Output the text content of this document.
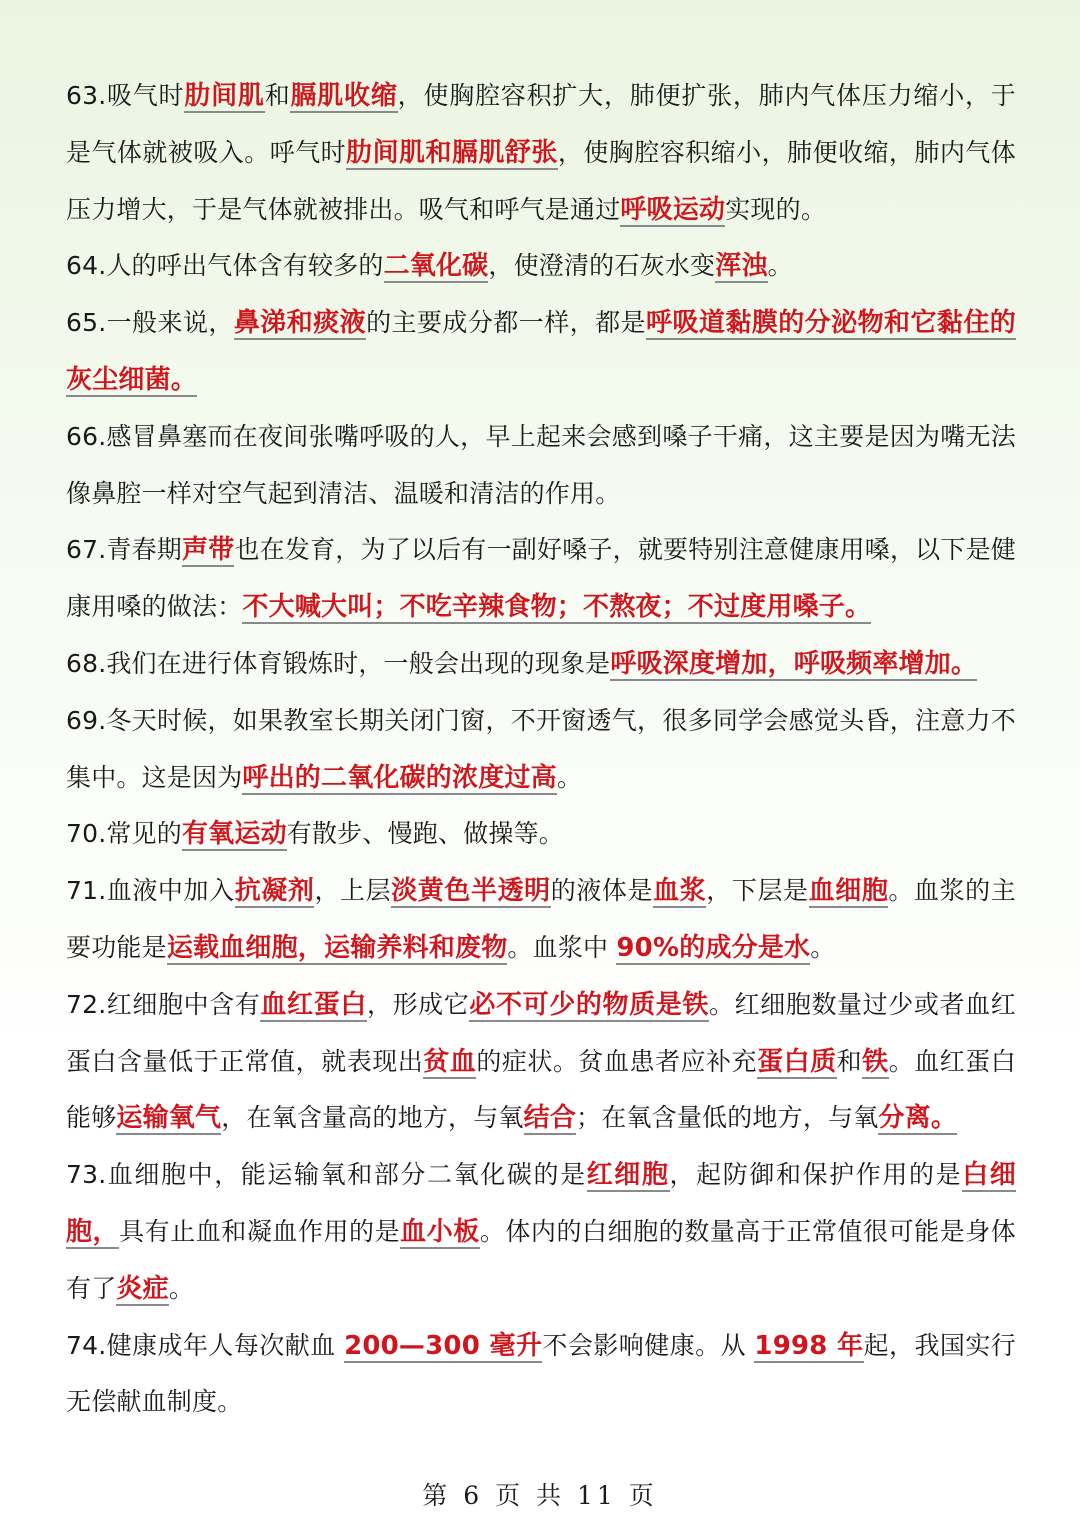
63.吸气时肋间肌和膈肌收缩，使胸腔容积扩大，肺便扩张，肺内气体压力缩小，于是气体就被吸入。呼气时肋间肌和膈肌舒张，使胸腔容积缩小，肺便收缩，肺内气体压力增大，于是气体就被排出。吸气和呼气是通过呼吸运动实现的。

64.人的呼出气体含有较多的二氧化碳，使澄清的石灰水变浑浊。

65.一般来说，鼻涕和痰液的主要成分都一样，都是呼吸道黏膜的分泌物和它黏住的灰尘细菌。

66.感冒鼻塞而在夜间张嘴呼吸的人，早上起来会感到嗓子干痛，这主要是因为嘴无法像鼻腔一样对空气起到清洁、温暖和清洁的作用。

67.青春期声带也在发育，为了以后有一副好嗓子，就要特别注意健康用嗓，以下是健康用嗓的做法：不大喊大叫；不吃辛辣食物；不熬夜；不过度用嗓子。

68.我们在进行体育锻炼时，一般会出现的现象是呼吸深度增加，呼吸频率增加。

69.冬天时候，如果教室长期关闭门窗，不开窗透气，很多同学会感觉头昏，注意力不集中。这是因为呼出的二氧化碳的浓度过高。

70.常见的有氧运动有散步、慢跑、做操等。

71.血液中加入抗凝剂，上层淡黄色半透明的液体是血浆，下层是血细胞。血浆的主要功能是运载血细胞，运输养料和废物。血浆中 90%的成分是水。

72.红细胞中含有血红蛋白，形成它必不可少的物质是铁。红细胞数量过少或者血红蛋白含量低于正常值，就表现出贫血的症状。贫血患者应补充蛋白质和铁。血红蛋白能够运输氧气，在氧含量高的地方，与氧结合；在氧含量低的地方，与氧分离。

73.血细胞中，能运输氧和部分二氧化碳的是红细胞，起防御和保护作用的是白细胞，具有止血和凝血作用的是血小板。体内的白细胞的数量高于正常值很可能是身体有了炎症。

74.健康成年人每次献血 200—300 毫升不会影响健康。从 1998 年起，我国实行无偿献血制度。

第 6 页 共 11 页
